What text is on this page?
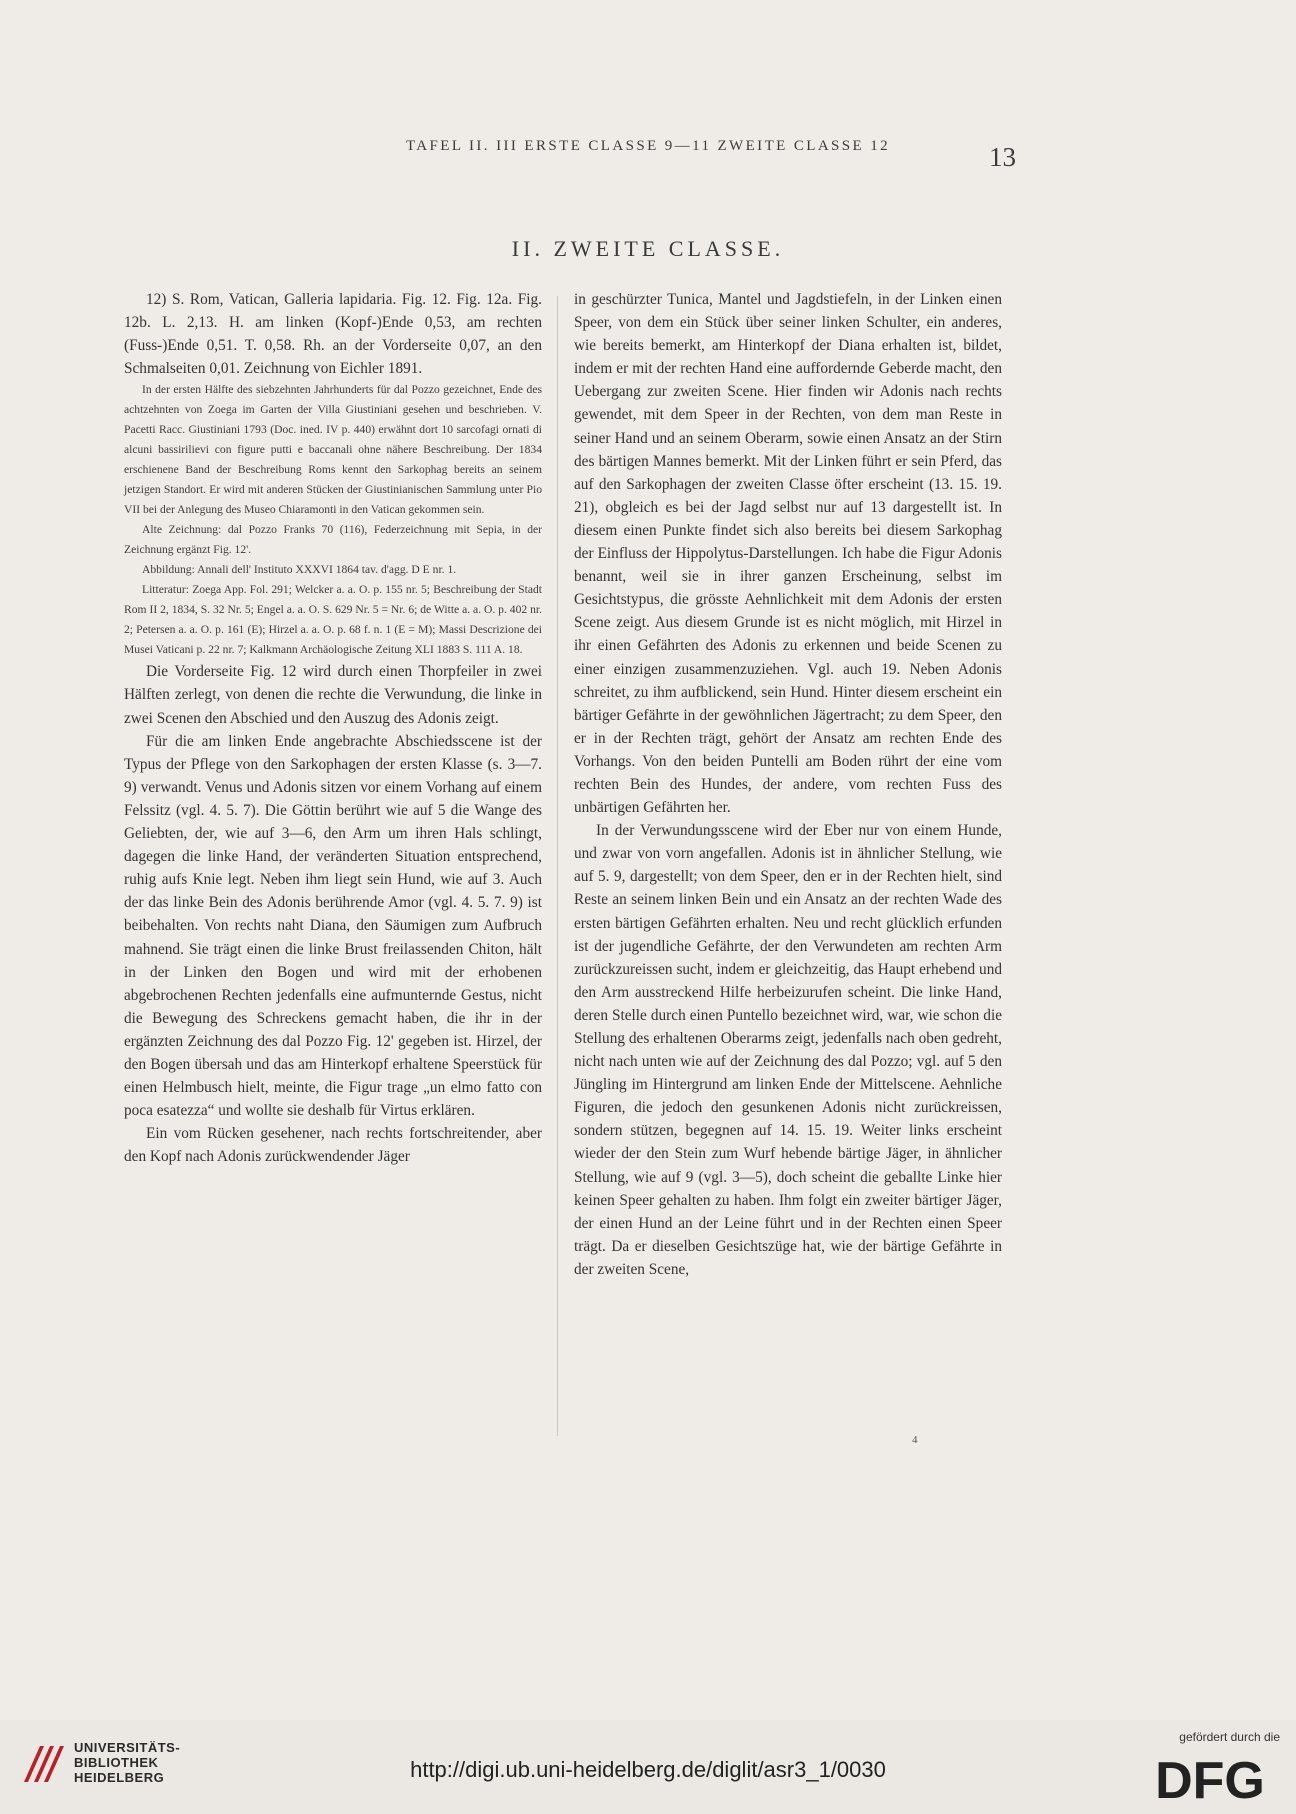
TAFEL II. III ERSTE CLASSE 9—11 ZWEITE CLASSE 12	13
II. ZWEITE CLASSE.

12) S. Rom, Vatican, Galleria lapidaria. Fig. 12. Fig. 12a. Fig. 12b. L. 2,13. H. am linken (Kopf-)Ende 0,53, am rechten (Fuss-)Ende 0,51. T. 0,58. Rh. an der Vorderseite 0,07, an den Schmalseiten 0,01. Zeichnung von Eichler 1891.

In der ersten Hälfte des siebzehnten Jahrhunderts für dal Pozzo gezeichnet, Ende des achtzehnten von Zoega im Garten der Villa Giustiniani gesehen und beschrieben. V. Pacetti Racc. Giustiniani 1793 (Doc. ined. IV p. 440) erwähnt dort 10 sarcofagi ornati di alcuni bassirilievi con figure putti e baccanali ohne nähere Beschreibung. Der 1834 erschienene Band der Beschreibung Roms kennt den Sarkophag bereits an seinem jetzigen Standort. Er wird mit anderen Stücken der Giustinianischen Sammlung unter Pio VII bei der Anlegung des Museo Chiaramonti in den Vatican gekommen sein.

Alte Zeichnung: dal Pozzo Franks 70 (116), Federzeichnung mit Sepia, in der Zeichnung ergänzt Fig. 12'.

Abbildung: Annali dell' Instituto XXXVI 1864 tav. d'agg. D E nr. 1.

Litteratur: Zoega App. Fol. 291; Welcker a. a. O. p. 155 nr. 5; Beschreibung der Stadt Rom II 2, 1834, S. 32 Nr. 5; Engel a. a. O. S. 629 Nr. 5 = Nr. 6; de Witte a. a. O. p. 402 nr. 2; Petersen a. a. O. p. 161 (E); Hirzel a. a. O. p. 68 f. n. 1 (E = M); Massi Descrizione dei Musei Vaticani p. 22 nr. 7; Kalkmann Archäologische Zeitung XLI 1883 S. 111 A. 18.

Die Vorderseite Fig. 12 wird durch einen Thorpfeiler in zwei Hälften zerlegt, von denen die rechte die Verwundung, die linke in zwei Scenen den Abschied und den Auszug des Adonis zeigt.

Für die am linken Ende angebrachte Abschiedsscene ist der Typus der Pflege von den Sarkophagen der ersten Klasse (s. 3—7. 9) verwandt. Venus und Adonis sitzen vor einem Vorhang auf einem Felssitz (vgl. 4. 5. 7). Die Göttin berührt wie auf 5 die Wange des Geliebten, der, wie auf 3—6, den Arm um ihren Hals schlingt, dagegen die linke Hand, der veränderten Situation entsprechend, ruhig aufs Knie legt. Neben ihm liegt sein Hund, wie auf 3. Auch der das linke Bein des Adonis berührende Amor (vgl. 4. 5. 7. 9) ist beibehalten. Von rechts naht Diana, den Säumigen zum Aufbruch mahnend. Sie trägt einen die linke Brust freilassenden Chiton, hält in der Linken den Bogen und wird mit der erhobenen abgebrochenen Rechten jedenfalls eine aufmunternde Gestus, nicht die Bewegung des Schreckens gemacht haben, die ihr in der ergänzten Zeichnung des dal Pozzo Fig. 12' gegeben ist. Hirzel, der den Bogen übersah und das am Hinterkopf erhaltene Speerstück für einen Helmbusch hielt, meinte, die Figur trage „un elmo fatto con poca esatezza“ und wollte sie deshalb für Virtus erklären.

Ein vom Rücken gesehener, nach rechts fortschreitender, aber den Kopf nach Adonis zurückwendender Jäger

in geschürzter Tunica, Mantel und Jagdstiefeln, in der Linken einen Speer, von dem ein Stück über seiner linken Schulter, ein anderes, wie bereits bemerkt, am Hinterkopf der Diana erhalten ist, bildet, indem er mit der rechten Hand eine auffordernde Geberde macht, den Uebergang zur zweiten Scene. Hier finden wir Adonis nach rechts gewendet, mit dem Speer in der Rechten, von dem man Reste in seiner Hand und an seinem Oberarm, sowie einen Ansatz an der Stirn des bärtigen Mannes bemerkt. Mit der Linken führt er sein Pferd, das auf den Sarkophagen der zweiten Classe öfter erscheint (13. 15. 19. 21), obgleich es bei der Jagd selbst nur auf 13 dargestellt ist. In diesem einen Punkte findet sich also bereits bei diesem Sarkophag der Einfluss der Hippolytus-Darstellungen. Ich habe die Figur Adonis benannt, weil sie in ihrer ganzen Erscheinung, selbst im Gesichtstypus, die grösste Aehnlichkeit mit dem Adonis der ersten Scene zeigt. Aus diesem Grunde ist es nicht möglich, mit Hirzel in ihr einen Gefährten des Adonis zu erkennen und beide Scenen zu einer einzigen zusammenzuziehen. Vgl. auch 19. Neben Adonis schreitet, zu ihm aufblickend, sein Hund. Hinter diesem erscheint ein bärtiger Gefährte in der gewöhnlichen Jägertracht; zu dem Speer, den er in der Rechten trägt, gehört der Ansatz am rechten Ende des Vorhangs. Von den beiden Puntelli am Boden rührt der eine vom rechten Bein des Hundes, der andere, vom rechten Fuss des unbärtigen Gefährten her.

In der Verwundungsscene wird der Eber nur von einem Hunde, und zwar von vorn angefallen. Adonis ist in ähnlicher Stellung, wie auf 5. 9, dargestellt; von dem Speer, den er in der Rechten hielt, sind Reste an seinem linken Bein und ein Ansatz an der rechten Wade des ersten bärtigen Gefährten erhalten. Neu und recht glücklich erfunden ist der jugendliche Gefährte, der den Verwundeten am rechten Arm zurückzureissen sucht, indem er gleichzeitig, das Haupt erhebend und den Arm ausstreckend Hilfe herbeizurufen scheint. Die linke Hand, deren Stelle durch einen Puntello bezeichnet wird, war, wie schon die Stellung des erhaltenen Oberarms zeigt, jedenfalls nach oben gedreht, nicht nach unten wie auf der Zeichnung des dal Pozzo; vgl. auf 5 den Jüngling im Hintergrund am linken Ende der Mittelscene. Aehnliche Figuren, die jedoch den gesunkenen Adonis nicht zurückreissen, sondern stützen, begegnen auf 14. 15. 19. Weiter links erscheint wieder der den Stein zum Wurf hebende bärtige Jäger, in ähnlicher Stellung, wie auf 9 (vgl. 3—5), doch scheint die geballte Linke hier keinen Speer gehalten zu haben. Ihm folgt ein zweiter bärtiger Jäger, der einen Hund an der Leine führt und in der Rechten einen Speer trägt. Da er dieselben Gesichtszüge hat, wie der bärtige Gefährte in der zweiten Scene,

4
UNIVERSITÄTS-
BIBLIOTHEK
HEIDELBERG	http://digi.ub.uni-heidelberg.de/diglit/asr3_1/0030
gefördert durch die
DFG
